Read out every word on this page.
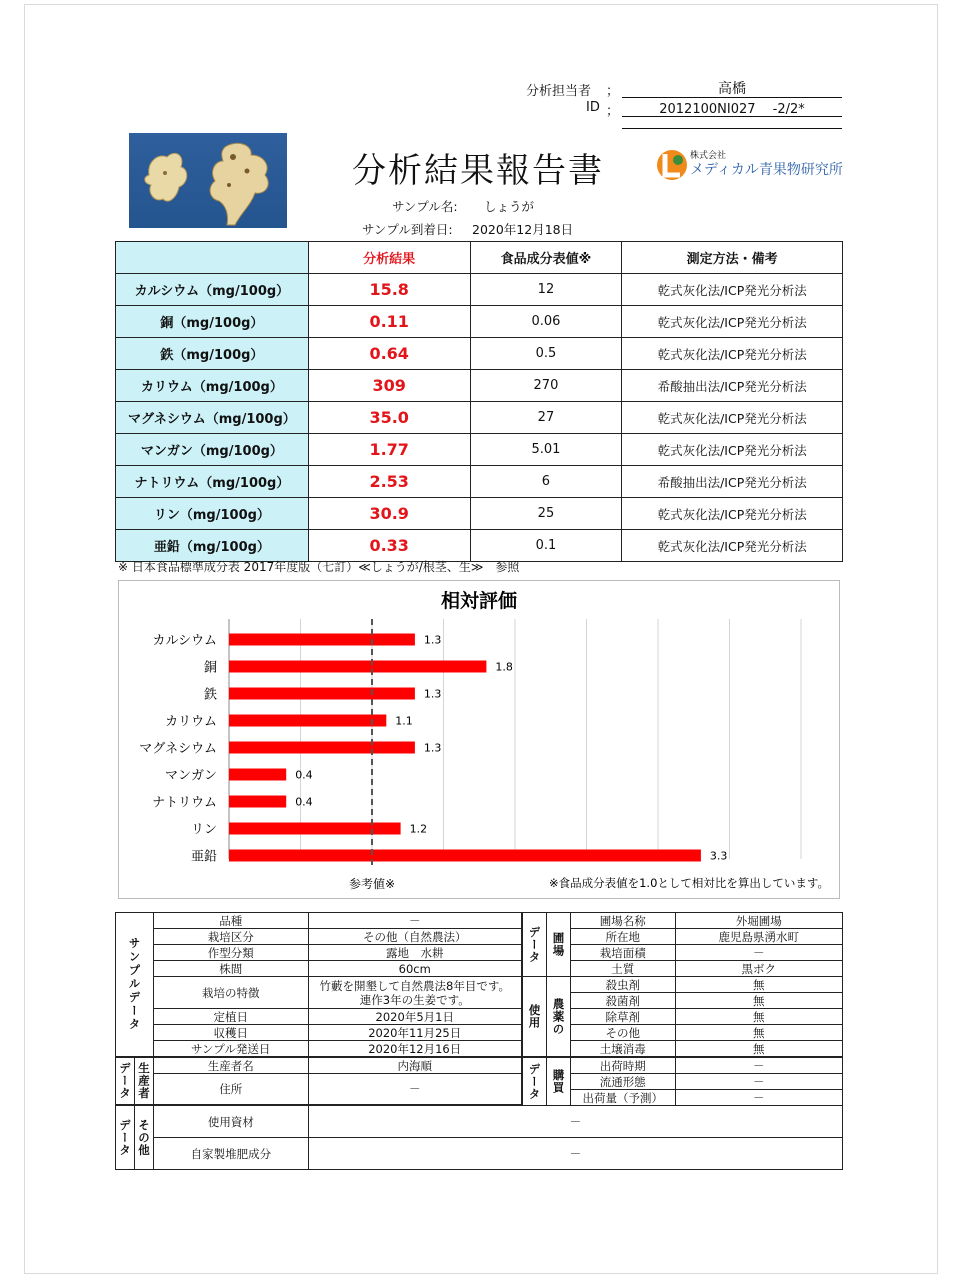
分析担当者 ；	高橋
ID ；	2012100NI027　 -2/2*
分析結果報告書	株式会社
メディカル青果物研究所
サンプル名: しょうが
サンプル到着日: 2020年12月18日
	分析結果	食品成分表値※	測定方法・備考
カルシウム（mg/100g）	15.8	12	乾式灰化法/ICP発光分析法
銅（mg/100g）	0.11	0.06	乾式灰化法/ICP発光分析法
鉄（mg/100g）	0.64	0.5	乾式灰化法/ICP発光分析法
カリウム（mg/100g）	309	270	希酸抽出法/ICP発光分析法
マグネシウム（mg/100g）	35.0	27	乾式灰化法/ICP発光分析法
マンガン（mg/100g）	1.77	5.01	乾式灰化法/ICP発光分析法
ナトリウム（mg/100g）	2.53	6	希酸抽出法/ICP発光分析法
リン（mg/100g）	30.9	25	乾式灰化法/ICP発光分析法
亜鉛（mg/100g）	0.33	0.1	乾式灰化法/ICP発光分析法
※ 日本食品標準成分表 2017年度版（七訂）≪しょうが/根茎、生≫　参照
相対評価
カルシウム	1.3
銅	1.8
鉄	1.3
カリウム	1.1
マグネシウム	1.3
マンガン	0.4
ナトリウム	0.4
リン	1.2
亜鉛	3.3
参考値※	※食品成分表値を1.0として相対比を算出しています。
サンプルデータ	品種	－
	栽培区分	その他（自然農法）
	作型分類	露地　水耕
	株間	60cm
	栽培の特徴	竹藪を開墾して自然農法8年目です。
連作3年の生姜です。
	定植日	2020年5月1日
	収穫日	2020年11月25日
	サンプル発送日	2020年12月16日
データ	生産者	生産者名	内海順
		住所	－
データ	その他	使用資材	－
		自家製堆肥成分	－
データ	圃場	圃場名称	外堀圃場
		所在地	鹿児島県湧水町
		栽培面積	－
		土質	黒ボク
使用	農薬の	殺虫剤	無
		殺菌剤	無
		除草剤	無
		その他	無
		土壌消毒	無
データ	購買	出荷時期	－
		流通形態	－
		出荷量（予測）	－
